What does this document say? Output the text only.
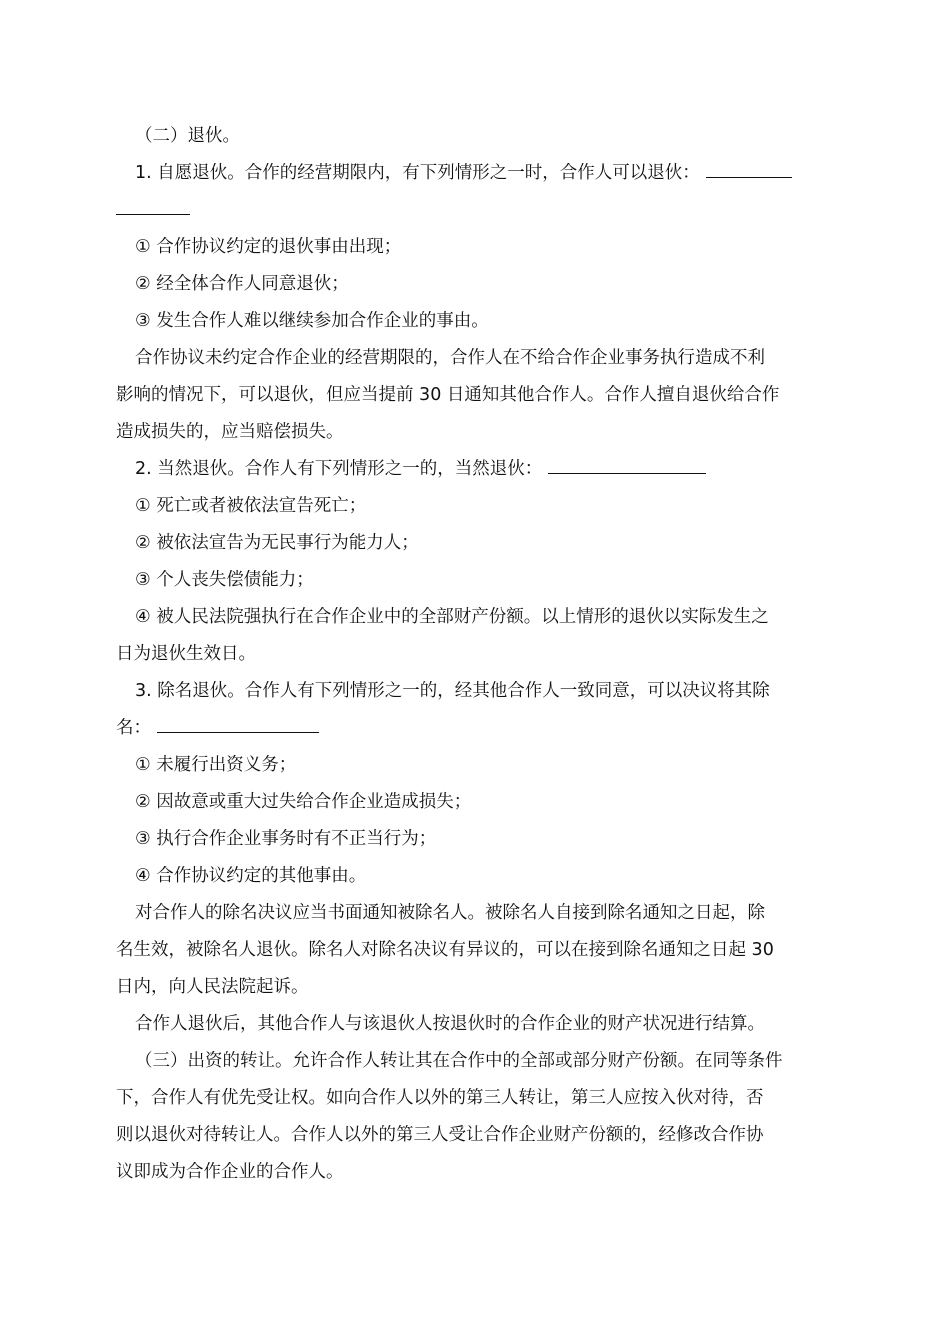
（二）退伙。
1. 自愿退伙。合作的经营期限内，有下列情形之一时，合作人可以退伙：
① 合作协议约定的退伙事由出现；
② 经全体合作人同意退伙；
③ 发生合作人难以继续参加合作企业的事由。
合作协议未约定合作企业的经营期限的，合作人在不给合作企业事务执行造成不利
影响的情况下，可以退伙，但应当提前 30 日通知其他合作人。合作人擅自退伙给合作
造成损失的，应当赔偿损失。
2. 当然退伙。合作人有下列情形之一的，当然退伙：
① 死亡或者被依法宣告死亡；
② 被依法宣告为无民事行为能力人；
③ 个人丧失偿债能力；
④ 被人民法院强执行在合作企业中的全部财产份额。以上情形的退伙以实际发生之
日为退伙生效日。
3. 除名退伙。合作人有下列情形之一的，经其他合作人一致同意，可以决议将其除
名：
① 未履行出资义务；
② 因故意或重大过失给合作企业造成损失；
③ 执行合作企业事务时有不正当行为；
④ 合作协议约定的其他事由。
对合作人的除名决议应当书面通知被除名人。被除名人自接到除名通知之日起，除
名生效，被除名人退伙。除名人对除名决议有异议的，可以在接到除名通知之日起 30
日内，向人民法院起诉。
合作人退伙后，其他合作人与该退伙人按退伙时的合作企业的财产状况进行结算。
（三）出资的转让。允许合作人转让其在合作中的全部或部分财产份额。在同等条件
下，合作人有优先受让权。如向合作人以外的第三人转让，第三人应按入伙对待，否
则以退伙对待转让人。合作人以外的第三人受让合作企业财产份额的，经修改合作协
议即成为合作企业的合作人。
